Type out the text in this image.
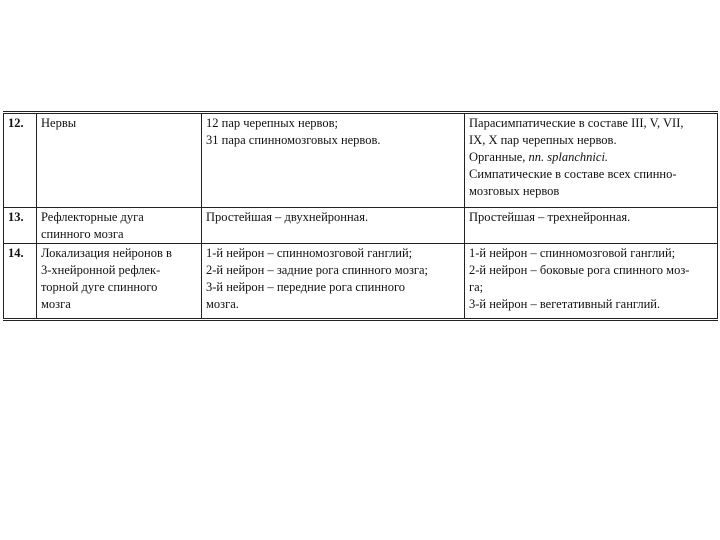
12.	Нервы	12 пар черепных нервов;
31 пара спинномозговых нервов.	Парасимпатические в составе III, V, VII,
IX, X пар черепных нервов.
Органные, nn. splanchnici.
Симпатические в составе всех спинно-
мозговых нервов

13.	Рефлекторные дуга
спинного мозга	Простейшая – двухнейронная.	Простейшая – трехнейронная.

14.	Локализация нейронов в
3-хнейронной рефлек-
торной дуге спинного
мозга	1-й нейрон – спинномозговой ганглий;
2-й нейрон – задние рога спинного мозга;
3-й нейрон – передние рога спинного
мозга.	1-й нейрон – спинномозговой ганглий;
2-й нейрон – боковые рога спинного моз-
га;
3-й нейрон – вегетативный ганглий.
